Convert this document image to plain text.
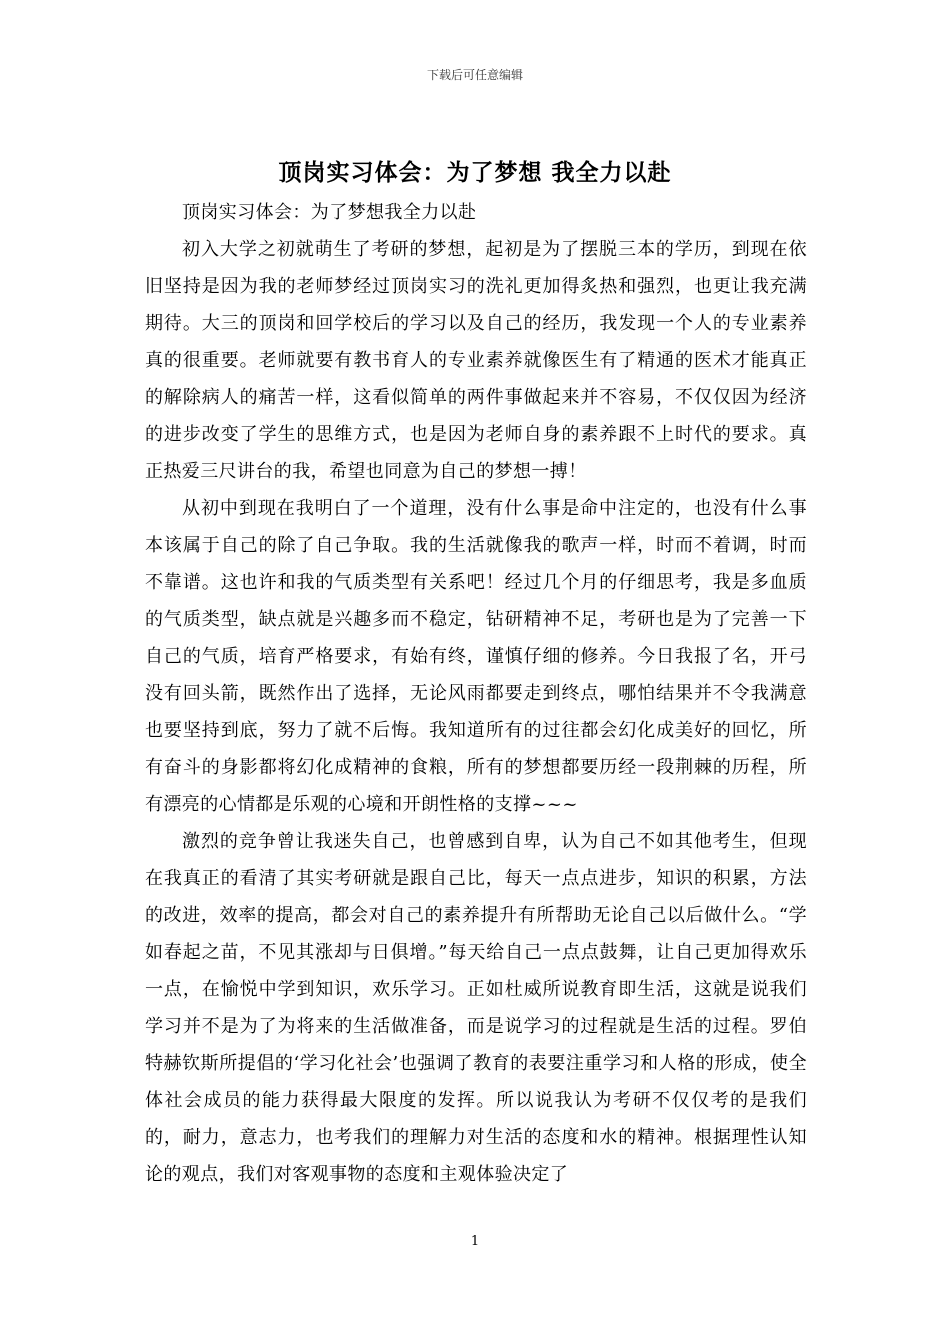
下载后可任意编辑
顶岗实习体会：为了梦想 我全力以赴

顶岗实习体会：为了梦想我全力以赴

初入大学之初就萌生了考研的梦想，起初是为了摆脱三本的学历，到现在依旧坚持是因为我的老师梦经过顶岗实习的洗礼更加得炙热和强烈，也更让我充满期待。大三的顶岗和回学校后的学习以及自己的经历，我发现一个人的专业素养真的很重要。老师就要有教书育人的专业素养就像医生有了精通的医术才能真正的解除病人的痛苦一样，这看似简单的两件事做起来并不容易，不仅仅因为经济的进步改变了学生的思维方式，也是因为老师自身的素养跟不上时代的要求。真正热爱三尺讲台的我，希望也同意为自己的梦想一搏！

从初中到现在我明白了一个道理，没有什么事是命中注定的，也没有什么事本该属于自己的除了自己争取。我的生活就像我的歌声一样，时而不着调，时而不靠谱。这也许和我的气质类型有关系吧！经过几个月的仔细思考，我是多血质的气质类型，缺点就是兴趣多而不稳定，钻研精神不足，考研也是为了完善一下自己的气质，培育严格要求，有始有终，谨慎仔细的修养。今日我报了名，开弓没有回头箭，既然作出了选择，无论风雨都要走到终点，哪怕结果并不令我满意也要坚持到底，努力了就不后悔。我知道所有的过往都会幻化成美好的回忆，所有奋斗的身影都将幻化成精神的食粮，所有的梦想都要历经一段荆棘的历程，所有漂亮的心情都是乐观的心境和开朗性格的支撑~~~

激烈的竞争曾让我迷失自己，也曾感到自卑，认为自己不如其他考生，但现在我真正的看清了其实考研就是跟自己比，每天一点点进步，知识的积累，方法的改进，效率的提高，都会对自己的素养提升有所帮助无论自己以后做什么。“学如春起之苗，不见其涨却与日俱增。”每天给自己一点点鼓舞，让自己更加得欢乐一点，在愉悦中学到知识，欢乐学习。正如杜威所说教育即生活，这就是说我们学习并不是为了为将来的生活做准备，而是说学习的过程就是生活的过程。罗伯特赫钦斯所提倡的‘学习化社会’也强调了教育的表要注重学习和人格的形成，使全体社会成员的能力获得最大限度的发挥。所以说我认为考研不仅仅考的是我们的，耐力，意志力，也考我们的理解力对生活的态度和水的精神。根据理性认知论的观点，我们对客观事物的态度和主观体验决定了

1
